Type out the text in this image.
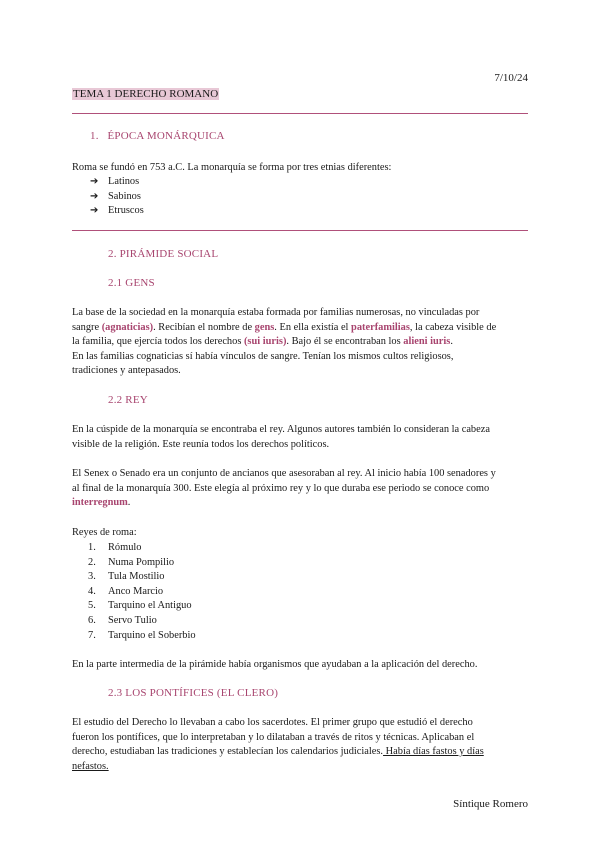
7/10/24
TEMA 1 DERECHO ROMANO
1. ÉPOCA MONÁRQUICA
Roma se fundó en 753 a.C. La monarquía se forma por tres etnias diferentes:
➔ Latinos
➔ Sabinos
➔ Etruscos
2. PIRÁMIDE SOCIAL
2.1 GENS
La base de la sociedad en la monarquía estaba formada por familias numerosas, no vinculadas por
sangre (agnaticias). Recibían el nombre de gens. En ella existía el paterfamilias, la cabeza visible de
la familia, que ejercía todos los derechos (sui iuris). Bajo él se encontraban los alieni iuris.
En las familias cognaticias sí había vínculos de sangre. Tenían los mismos cultos religiosos,
tradiciones y antepasados.
2.2 REY
En la cúspide de la monarquía se encontraba el rey. Algunos autores también lo consideran la cabeza
visible de la religión. Este reunía todos los derechos políticos.
El Senex o Senado era un conjunto de ancianos que asesoraban al rey. Al inicio había 100 senadores y
al final de la monarquía 300. Este elegía al próximo rey y lo que duraba ese periodo se conoce como
interregnum.
Reyes de roma:
1.	Rómulo
2.	Numa Pompilio
3.	Tula Mostilio
4.	Anco Marcio
5.	Tarquino el Antiguo
6.	Servo Tulio
7.	Tarquino el Soberbio
En la parte intermedia de la pirámide había organismos que ayudaban a la aplicación del derecho.
2.3 LOS PONTÍFICES (EL CLERO)
El estudio del Derecho lo llevaban a cabo los sacerdotes. El primer grupo que estudió el derecho
fueron los pontífices, que lo interpretaban y lo dilataban a través de ritos y técnicas. Aplicaban el
derecho, estudiaban las tradiciones y establecían los calendarios judiciales. Había días fastos y días
nefastos.
Síntique Romero
